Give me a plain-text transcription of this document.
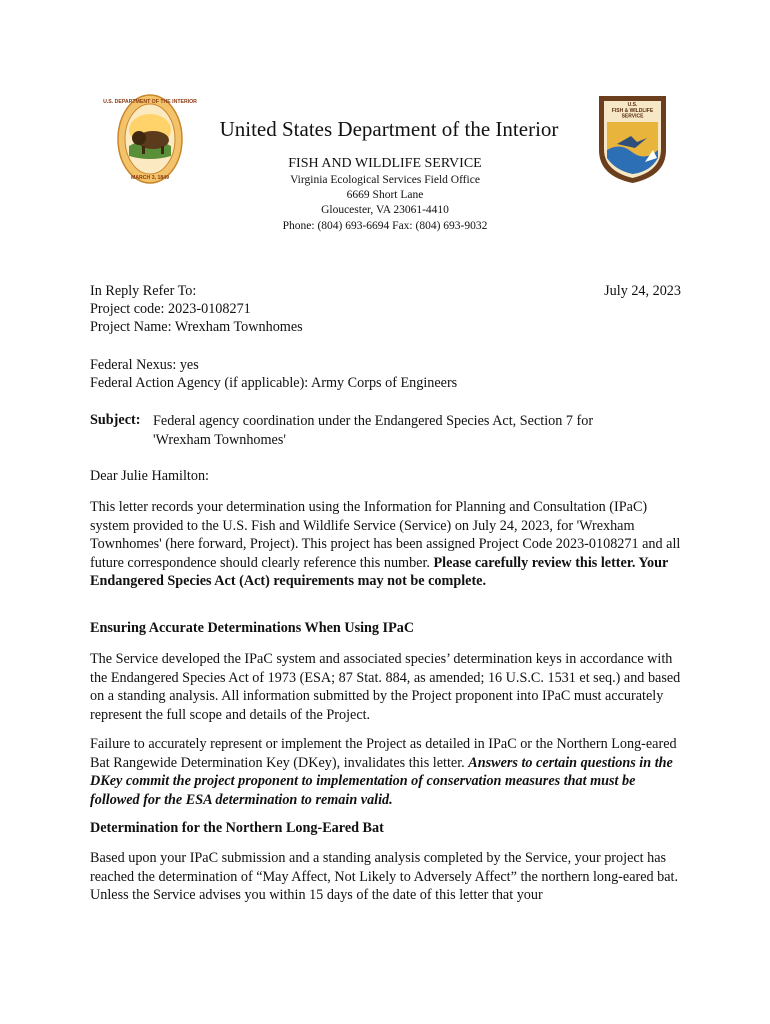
U.S. DEPARTMENT OF THE INTERIOR
MARCH 3, 1849
U.S.
FISH & WILDLIFE
SERVICE
United States Department of the Interior
FISH AND WILDLIFE SERVICE
Virginia Ecological Services Field Office
6669 Short Lane
Gloucester, VA 23061-4410
Phone: (804) 693-6694 Fax: (804) 693-9032
July 24, 2023
In Reply Refer To:
Project code: 2023-0108271
Project Name: Wrexham Townhomes
Federal Nexus: yes
Federal Action Agency (if applicable): Army Corps of Engineers
Subject: Federal agency coordination under the Endangered Species Act, Section 7 for
'Wrexham Townhomes'
Dear Julie Hamilton:
This letter records your determination using the Information for Planning and Consultation (IPaC) system provided to the U.S. Fish and Wildlife Service (Service) on July 24, 2023, for 'Wrexham Townhomes' (here forward, Project). This project has been assigned Project Code 2023-0108271 and all future correspondence should clearly reference this number. Please carefully review this letter. Your Endangered Species Act (Act) requirements may not be complete.
Ensuring Accurate Determinations When Using IPaC
The Service developed the IPaC system and associated species’ determination keys in accordance with the Endangered Species Act of 1973 (ESA; 87 Stat. 884, as amended; 16 U.S.C. 1531 et seq.) and based on a standing analysis. All information submitted by the Project proponent into IPaC must accurately represent the full scope and details of the Project.
Failure to accurately represent or implement the Project as detailed in IPaC or the Northern Long-eared Bat Rangewide Determination Key (DKey), invalidates this letter. Answers to certain questions in the DKey commit the project proponent to implementation of conservation measures that must be followed for the ESA determination to remain valid.
Determination for the Northern Long-Eared Bat
Based upon your IPaC submission and a standing analysis completed by the Service, your project has reached the determination of “May Affect, Not Likely to Adversely Affect” the northern long-eared bat. Unless the Service advises you within 15 days of the date of this letter that your
